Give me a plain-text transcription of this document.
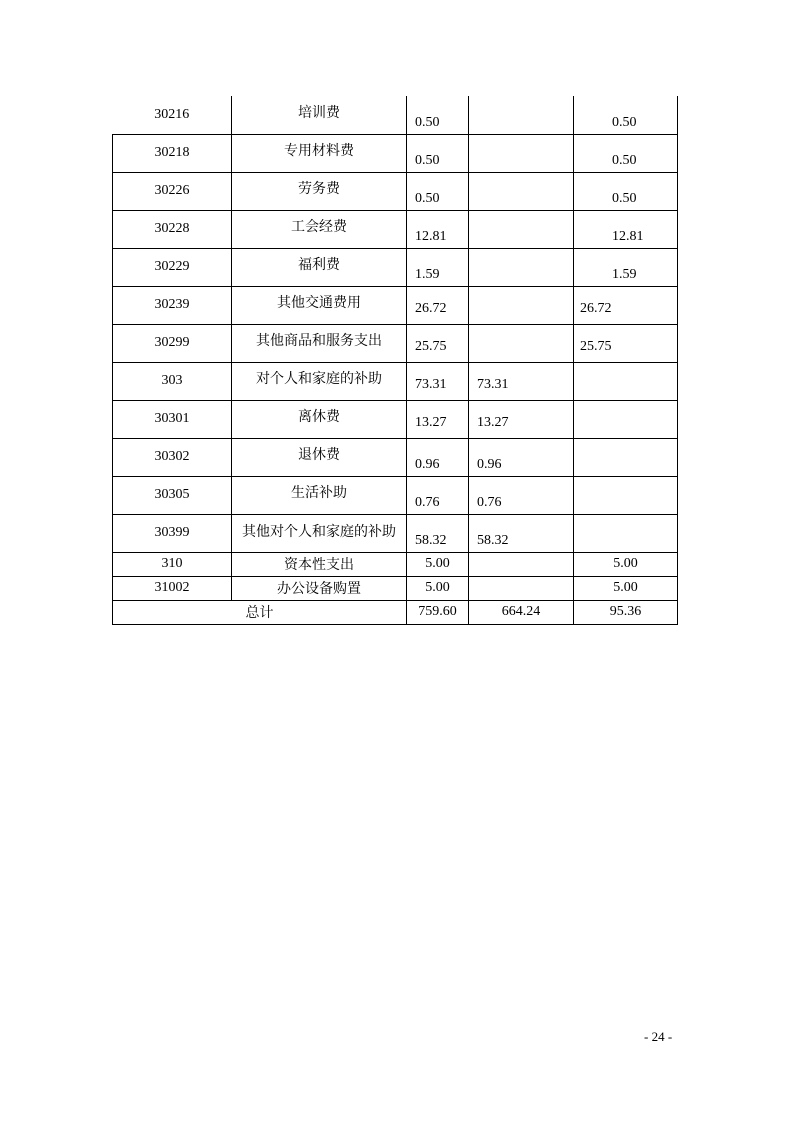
30216	培训费	0.50		0.50
30218	专用材料费	0.50		0.50
30226	劳务费	0.50		0.50
30228	工会经费	12.81		12.81
30229	福利费	1.59		1.59
30239	其他交通费用	26.72		26.72
30299	其他商品和服务支出	25.75		25.75
303	对个人和家庭的补助	73.31	73.31	
30301	离休费	13.27	13.27	
30302	退休费	0.96	0.96	
30305	生活补助	0.76	0.76	
30399	其他对个人和家庭的补助	58.32	58.32	
310	资本性支出	5.00		5.00
31002	办公设备购置	5.00		5.00
总计		759.60	664.24	95.36
- 24 -
